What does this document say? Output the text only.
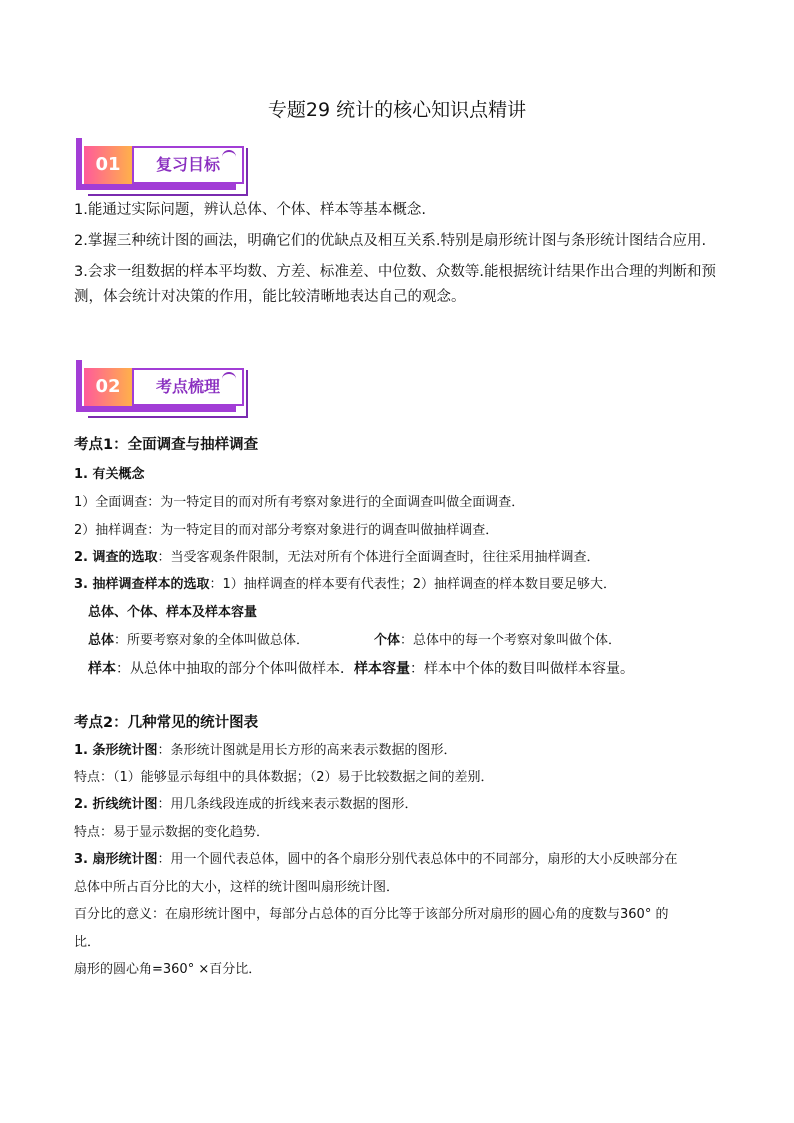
专题29 统计的核心知识点精讲
01	复习目标

1.能通过实际问题，辨认总体、个体、样本等基本概念.

2.掌握三种统计图的画法，明确它们的优缺点及相互关系.特别是扇形统计图与条形统计图结合应用.

3.会求一组数据的样本平均数、方差、标准差、中位数、众数等.能根据统计结果作出合理的判断和预测，体会统计对决策的作用，能比较清晰地表达自己的观念。

02	考点梳理
考点1：全面调查与抽样调查
1. 有关概念
1）全面调查：为一特定目的而对所有考察对象进行的全面调查叫做全面调查．
2）抽样调查：为一特定目的而对部分考察对象进行的调查叫做抽样调查．
2. 调查的选取：当受客观条件限制，无法对所有个体进行全面调查时，往往采用抽样调查．
3. 抽样调查样本的选取：1）抽样调查的样本要有代表性；2）抽样调查的样本数目要足够大．
总体、个体、样本及样本容量
总体：所要考察对象的全体叫做总体．	个体：总体中的每一个考察对象叫做个体．
样本：从总体中抽取的部分个体叫做样本．样本容量：样本中个体的数目叫做样本容量。
考点2：几种常见的统计图表
1. 条形统计图：条形统计图就是用长方形的高来表示数据的图形．
特点：（1）能够显示每组中的具体数据；（2）易于比较数据之间的差别．
2. 折线统计图：用几条线段连成的折线来表示数据的图形．
特点：易于显示数据的变化趋势．
3. 扇形统计图：用一个圆代表总体，圆中的各个扇形分别代表总体中的不同部分，扇形的大小反映部分在
总体中所占百分比的大小，这样的统计图叫扇形统计图．
百分比的意义：在扇形统计图中，每部分占总体的百分比等于该部分所对扇形的圆心角的度数与360° 的
比．
扇形的圆心角=360° ×百分比．
